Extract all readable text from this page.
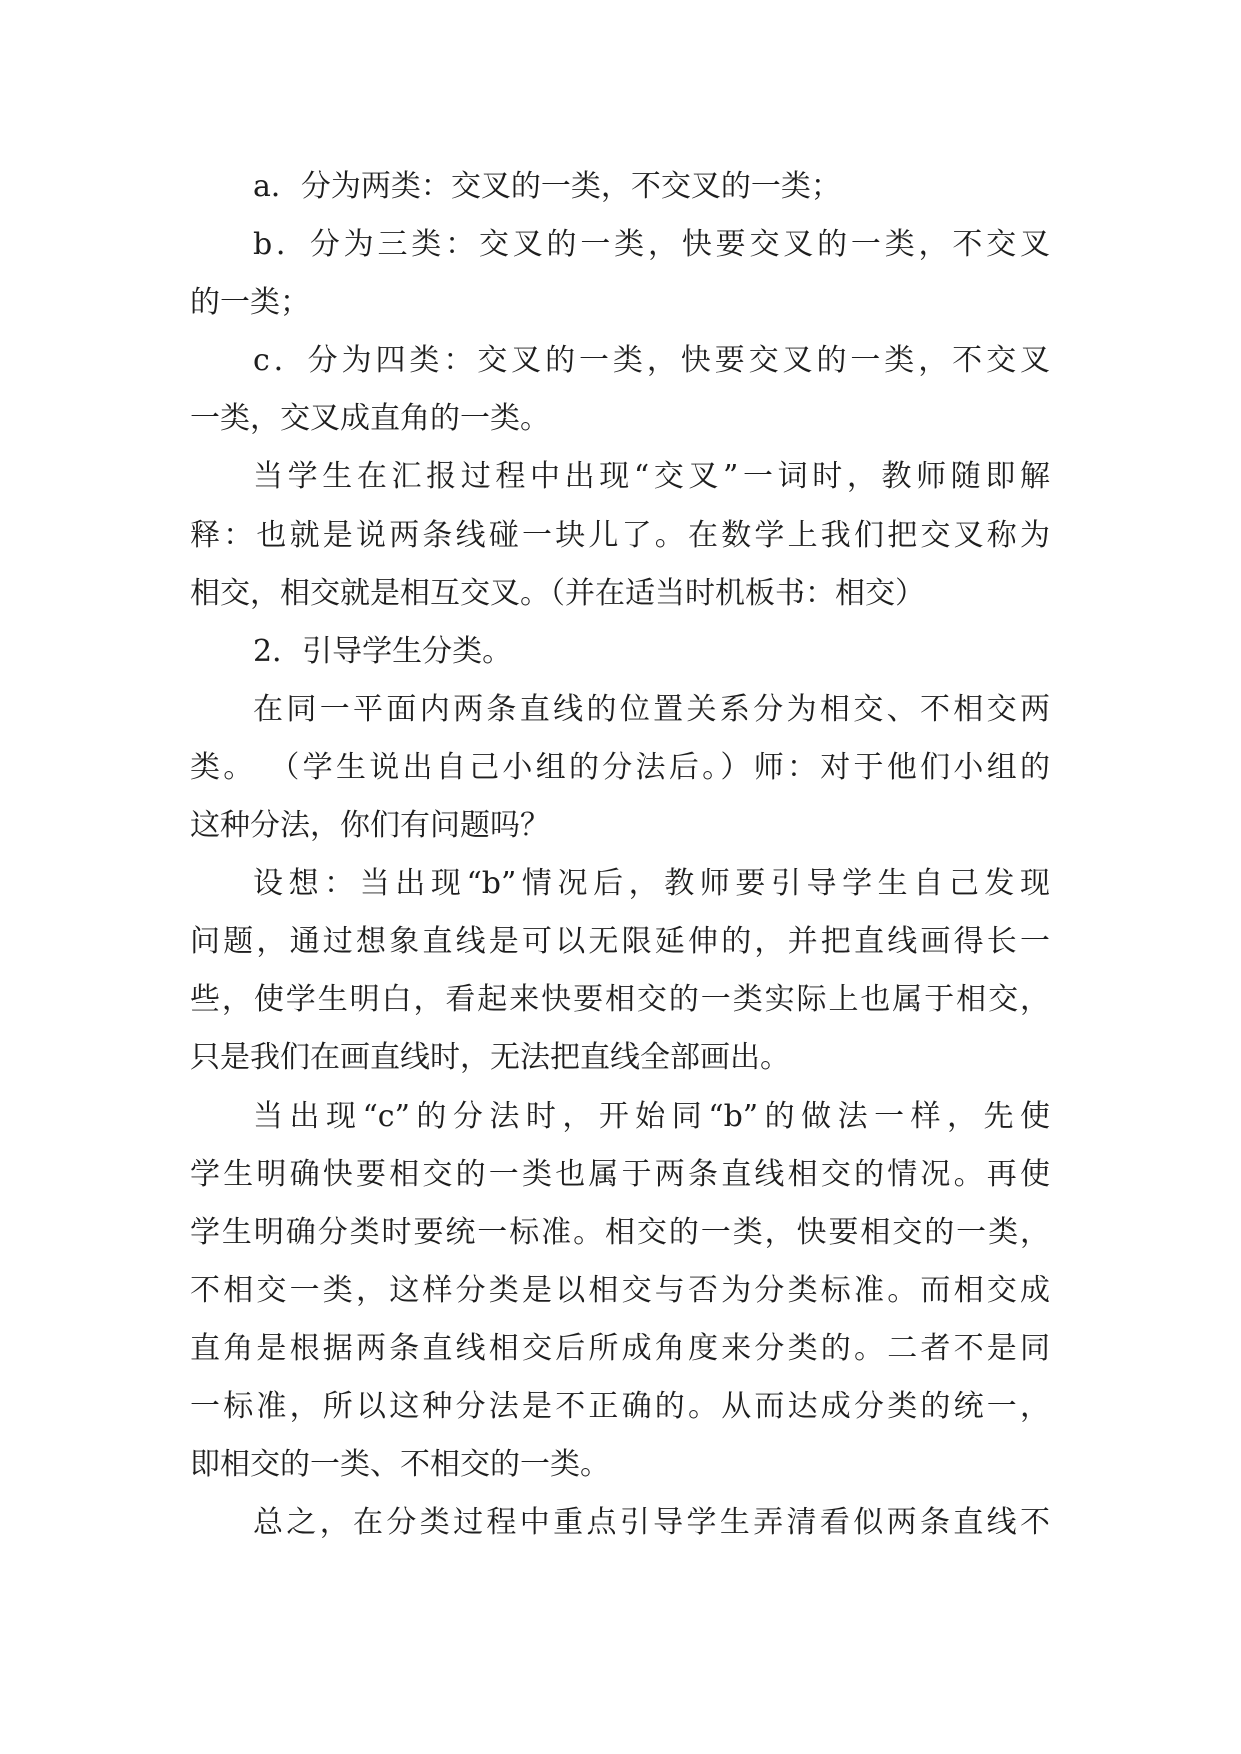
a．分为两类：交叉的一类，不交叉的一类；
b．分为三类：交叉的一类，快要交叉的一类，不交叉
的一类；
c．分为四类：交叉的一类，快要交叉的一类，不交叉
一类，交叉成直角的一类。
当学生在汇报过程中出现“交叉”一词时，教师随即解
释：也就是说两条线碰一块儿了。在数学上我们把交叉称为
相交，相交就是相互交叉。（并在适当时机板书：相交）
2．引导学生分类。
在同一平面内两条直线的位置关系分为相交、不相交两
类。 （学生说出自己小组的分法后。）师：对于他们小组的
这种分法，你们有问题吗？
设想：当出现“b”情况后，教师要引导学生自己发现
问题，通过想象直线是可以无限延伸的，并把直线画得长一
些，使学生明白，看起来快要相交的一类实际上也属于相交，
只是我们在画直线时，无法把直线全部画出。
当出现“c”的分法时，开始同“b”的做法一样，先使
学生明确快要相交的一类也属于两条直线相交的情况。再使
学生明确分类时要统一标准。相交的一类，快要相交的一类，
不相交一类，这样分类是以相交与否为分类标准。而相交成
直角是根据两条直线相交后所成角度来分类的。二者不是同
一标准，所以这种分法是不正确的。从而达成分类的统一，
即相交的一类、不相交的一类。
总之，在分类过程中重点引导学生弄清看似两条直线不
